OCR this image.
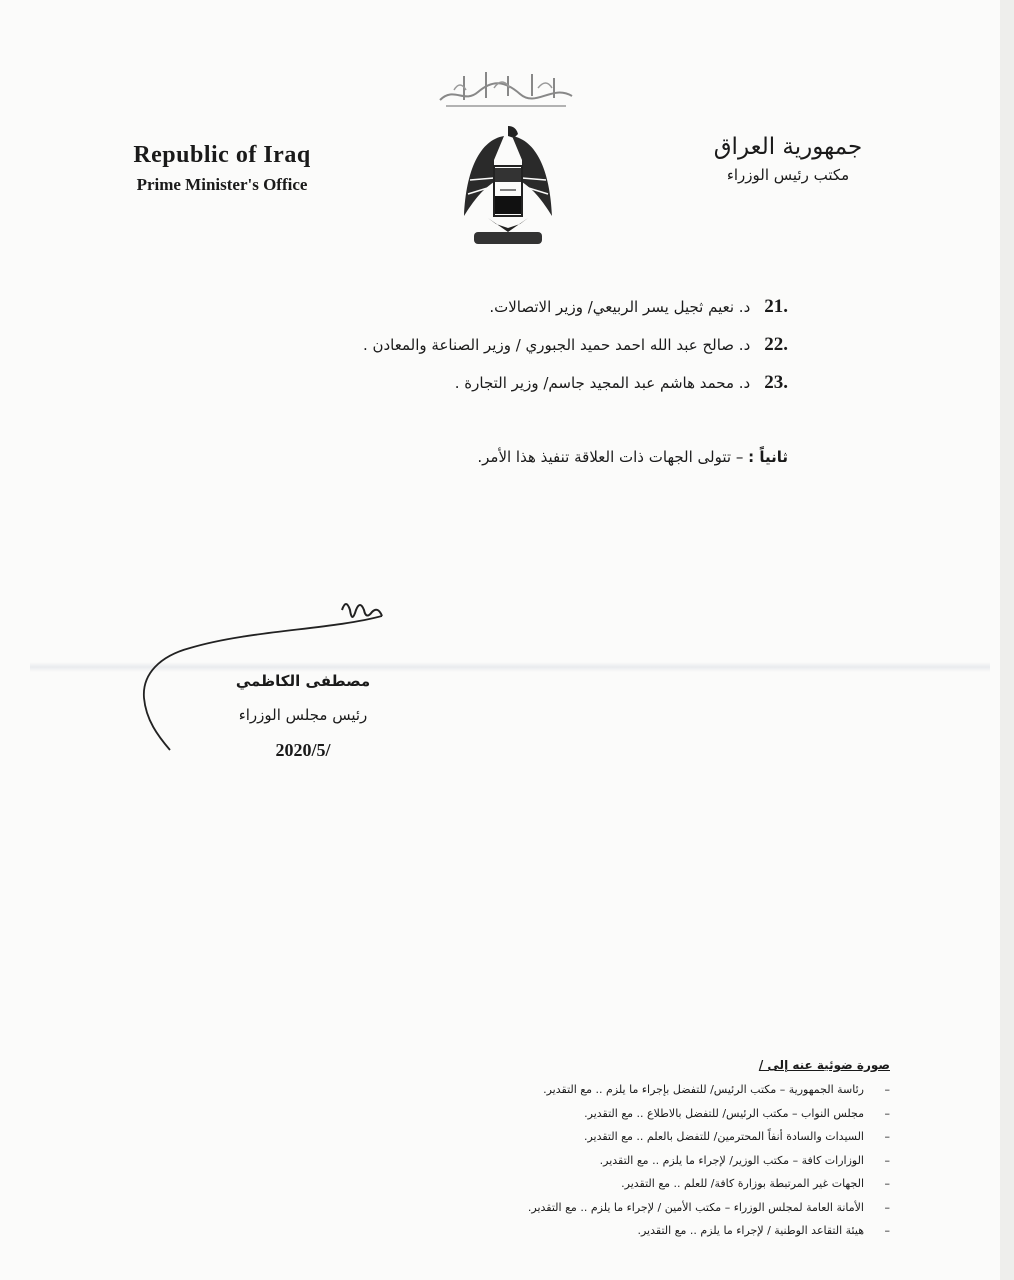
Republic of Iraq
Prime Minister's Office
جمهورية العراق
مكتب رئيس الوزراء
21.د. نعيم ثجيل يسر الربيعي/ وزير الاتصالات.
22.د. صالح عبد الله احمد حميد الجبوري / وزير الصناعة والمعادن .
23.د. محمد هاشم عبد المجيد جاسم/ وزير التجارة .
ثانياً : – تتولى الجهات ذات العلاقة تنفيذ هذا الأمر.
مصطفى الكاظمي
رئيس مجلس الوزراء
2020/5/
صورة ضوئية عنه إلى /
–رئاسة الجمهورية – مكتب الرئيس/ للتفضل بإجراء ما يلزم .. مع التقدير.
–مجلس النواب – مكتب الرئيس/ للتفضل بالاطلاع .. مع التقدير.
–السيدات والسادة أنفاً المحترمين/ للتفضل بالعلم .. مع التقدير.
–الوزارات كافة – مكتب الوزير/ لإجراء ما يلزم .. مع التقدير.
–الجهات غير المرتبطة بوزارة كافة/ للعلم .. مع التقدير.
–الأمانة العامة لمجلس الوزراء – مكتب الأمين / لإجراء ما يلزم .. مع التقدير.
–هيئة التقاعد الوطنية / لإجراء ما يلزم .. مع التقدير.
